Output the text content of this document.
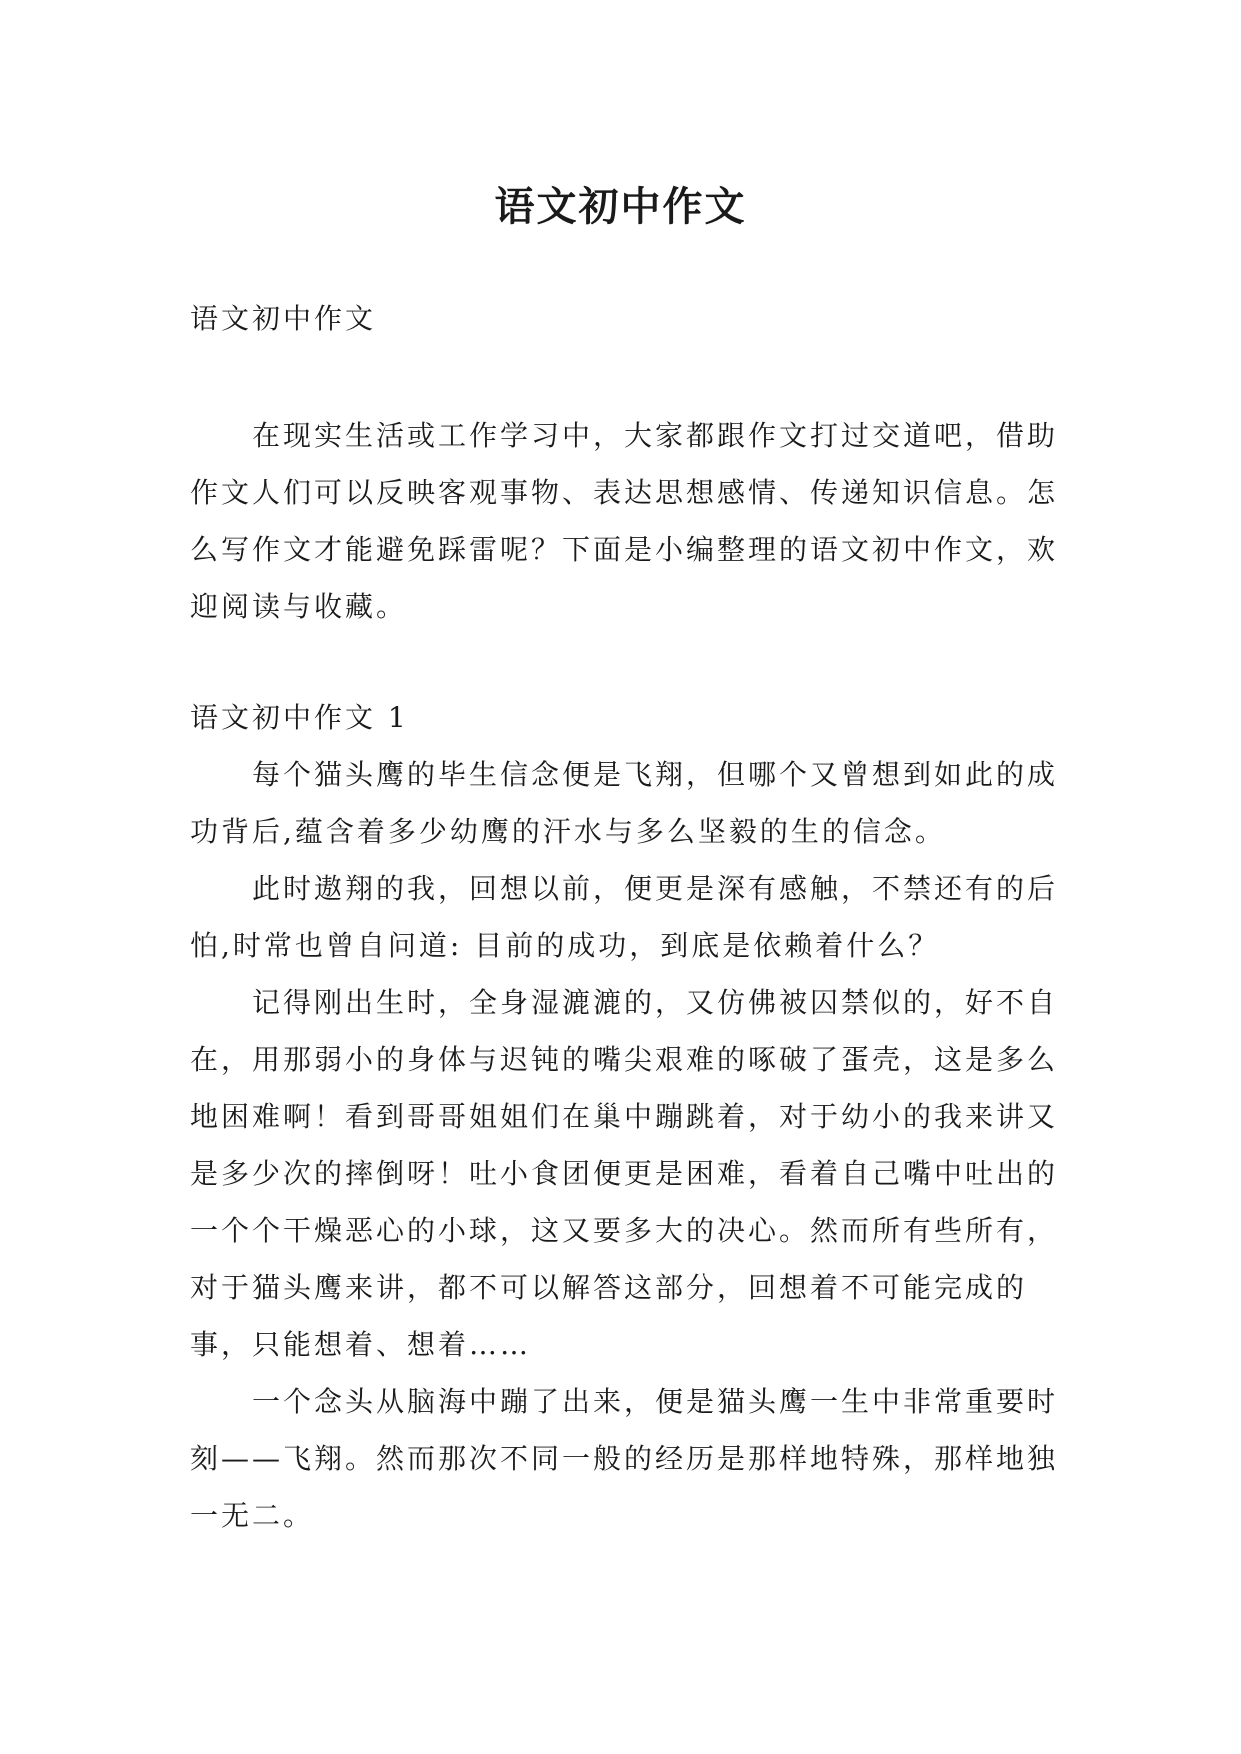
语文初中作文

语文初中作文

在现实生活或工作学习中，大家都跟作文打过交道吧，借助作文人们可以反映客观事物、表达思想感情、传递知识信息。怎么写作文才能避免踩雷呢？下面是小编整理的语文初中作文，欢迎阅读与收藏。

语文初中作文 1

每个猫头鹰的毕生信念便是飞翔，但哪个又曾想到如此的成功背后,蕴含着多少幼鹰的汗水与多么坚毅的生的信念。

此时遨翔的我，回想以前，便更是深有感触，不禁还有的后怕,时常也曾自问道: 目前的成功，到底是依赖着什么？

记得刚出生时，全身湿漉漉的，又仿佛被囚禁似的，好不自在，用那弱小的身体与迟钝的嘴尖艰难的啄破了蛋壳，这是多么地困难啊！看到哥哥姐姐们在巢中蹦跳着，对于幼小的我来讲又是多少次的摔倒呀！吐小食团便更是困难，看着自己嘴中吐出的一个个干燥恶心的小球，这又要多大的决心。然而所有些所有，对于猫头鹰来讲，都不可以解答这部分，回想着不可能完成的事，只能想着、想着……

一个念头从脑海中蹦了出来，便是猫头鹰一生中非常重要时刻——飞翔。然而那次不同一般的经历是那样地特殊，那样地独一无二。
